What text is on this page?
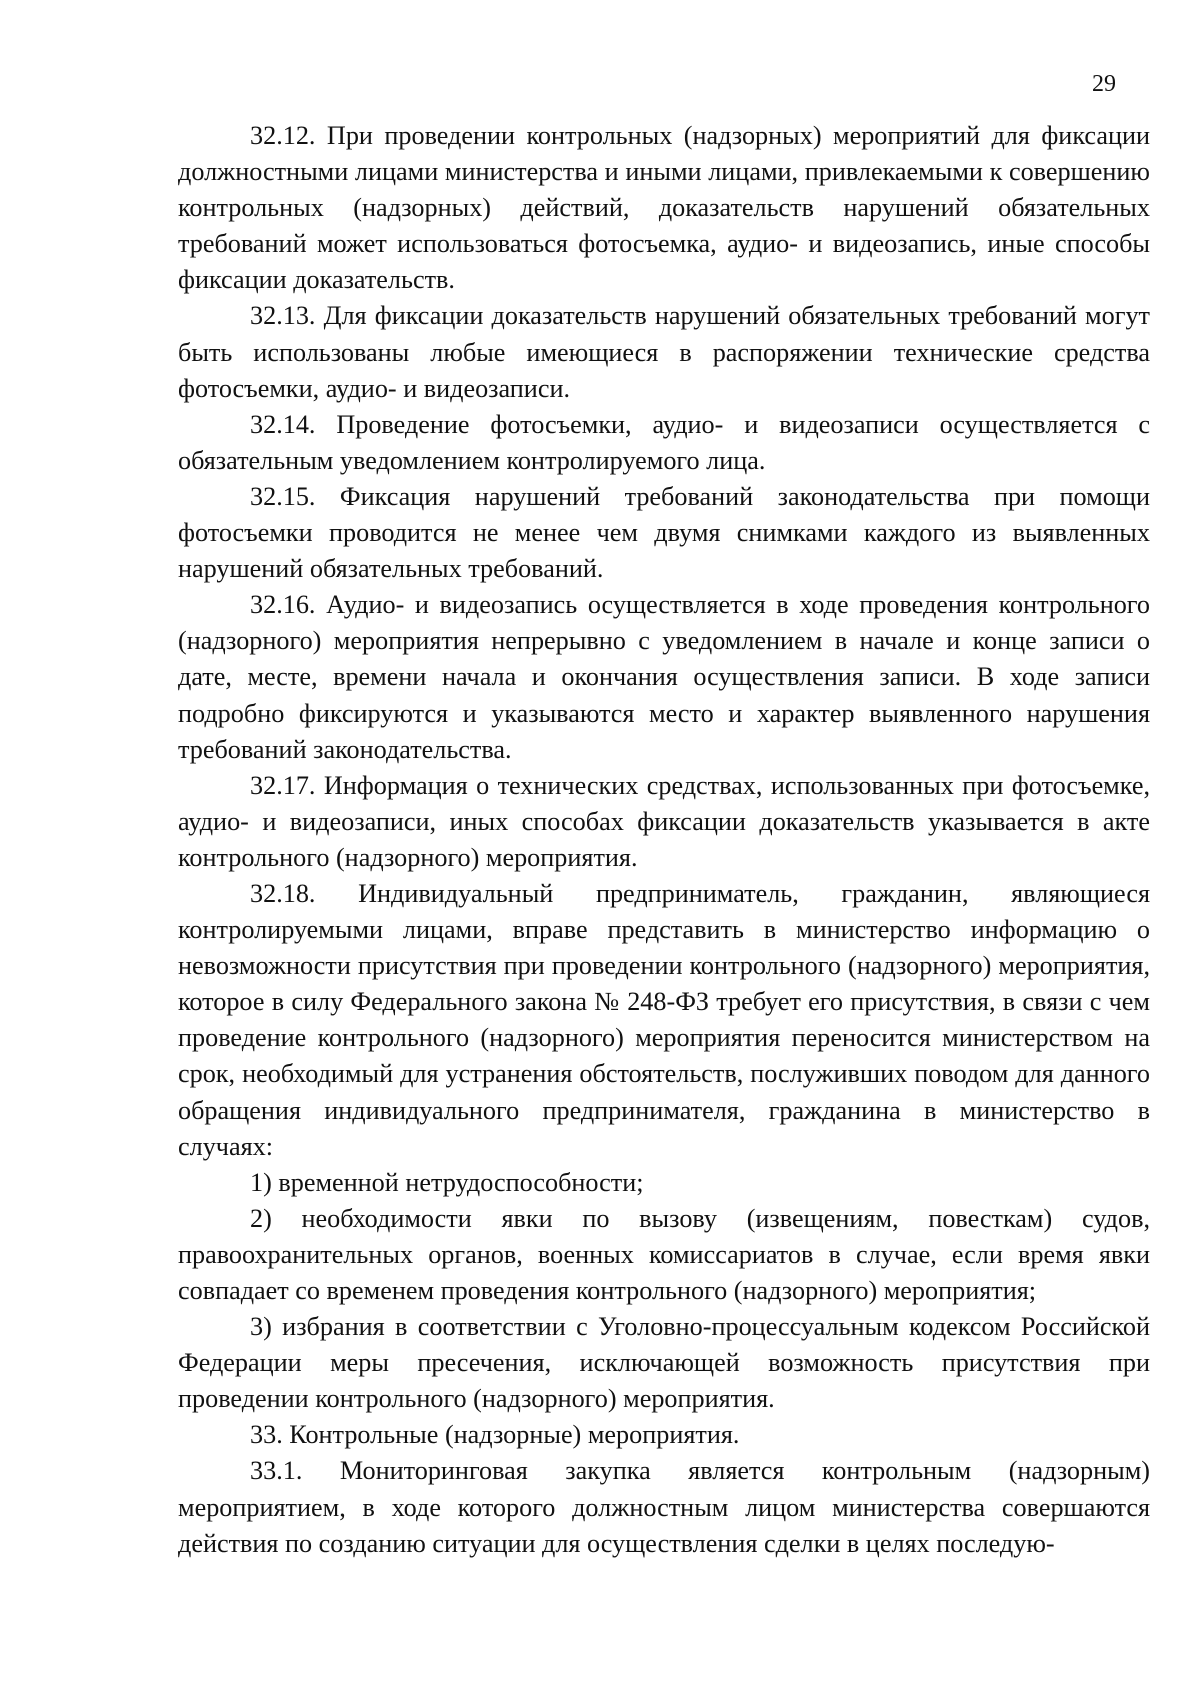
29

32.12. При проведении контрольных (надзорных) мероприятий для фиксации должностными лицами министерства и иными лицами, привлекаемыми к совершению контрольных (надзорных) действий, доказательств нарушений обязательных требований может использоваться фотосъемка, аудио- и видеозапись, иные способы фиксации доказательств.

32.13. Для фиксации доказательств нарушений обязательных требований могут быть использованы любые имеющиеся в распоряжении технические средства фотосъемки, аудио- и видеозаписи.

32.14. Проведение фотосъемки, аудио- и видеозаписи осуществляется с обязательным уведомлением контролируемого лица.

32.15. Фиксация нарушений требований законодательства при помощи фотосъемки проводится не менее чем двумя снимками каждого из выявленных нарушений обязательных требований.

32.16. Аудио- и видеозапись осуществляется в ходе проведения контрольного (надзорного) мероприятия непрерывно с уведомлением в начале и конце записи о дате, месте, времени начала и окончания осуществления записи. В ходе записи подробно фиксируются и указываются место и характер выявленного нарушения требований законодательства.

32.17. Информация о технических средствах, использованных при фотосъемке, аудио- и видеозаписи, иных способах фиксации доказательств указывается в акте контрольного (надзорного) мероприятия.

32.18. Индивидуальный предприниматель, гражданин, являющиеся контролируемыми лицами, вправе представить в министерство информацию о невозможности присутствия при проведении контрольного (надзорного) мероприятия, которое в силу Федерального закона № 248-ФЗ требует его присутствия, в связи с чем проведение контрольного (надзорного) мероприятия переносится министерством на срок, необходимый для устранения обстоятельств, послуживших поводом для данного обращения индивидуального предпринимателя, гражданина в министерство в случаях:

1) временной нетрудоспособности;

2) необходимости явки по вызову (извещениям, повесткам) судов, правоохранительных органов, военных комиссариатов в случае, если время явки совпадает со временем проведения контрольного (надзорного) мероприятия;

3) избрания в соответствии с Уголовно-процессуальным кодексом Российской Федерации меры пресечения, исключающей возможность присутствия при проведении контрольного (надзорного) мероприятия.

33. Контрольные (надзорные) мероприятия.

33.1. Мониторинговая закупка является контрольным (надзорным) мероприятием, в ходе которого должностным лицом министерства совершаются действия по созданию ситуации для осуществления сделки в целях последую-
